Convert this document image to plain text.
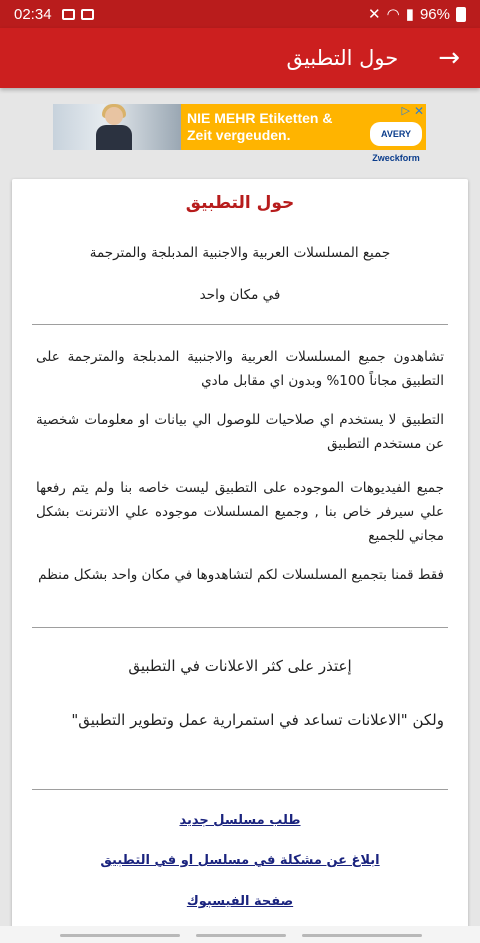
02:34	✕ ◠ ▮ 96%
حول التطبيق →
NIE MEHR Etiketten &
Zeit vergeuden.
▷ ✕
AVERY Zweckform
حول التطبيق
جميع المسلسلات العربية والاجنبية المدبلجة والمترجمة
في مكان واحد
تشاهدون جميع المسلسلات العربية والاجنبية المدبلجة والمترجمة على التطبيق مجاناً 100% وبدون اي مقابل مادي
التطبيق لا يستخدم اي صلاحيات للوصول الي بيانات او معلومات شخصية عن مستخدم التطبيق
جميع الفيديوهات الموجوده على التطبيق ليست خاصه بنا ولم يتم رفعها علي سيرفر خاص بنا , وجميع المسلسلات موجوده علي الانترنت بشكل مجاني للجميع
فقط قمنا بتجميع المسلسلات لكم لتشاهدوها في مكان واحد بشكل منظم
إعتذر على كثر الاعلانات في التطبيق
ولكن "الاعلانات تساعد في استمرارية عمل وتطوير التطبيق"
طلب مسلسل جديد
ابلاغ عن مشكلة في مسلسل او في التطبيق
صفحة الفيسبوك
